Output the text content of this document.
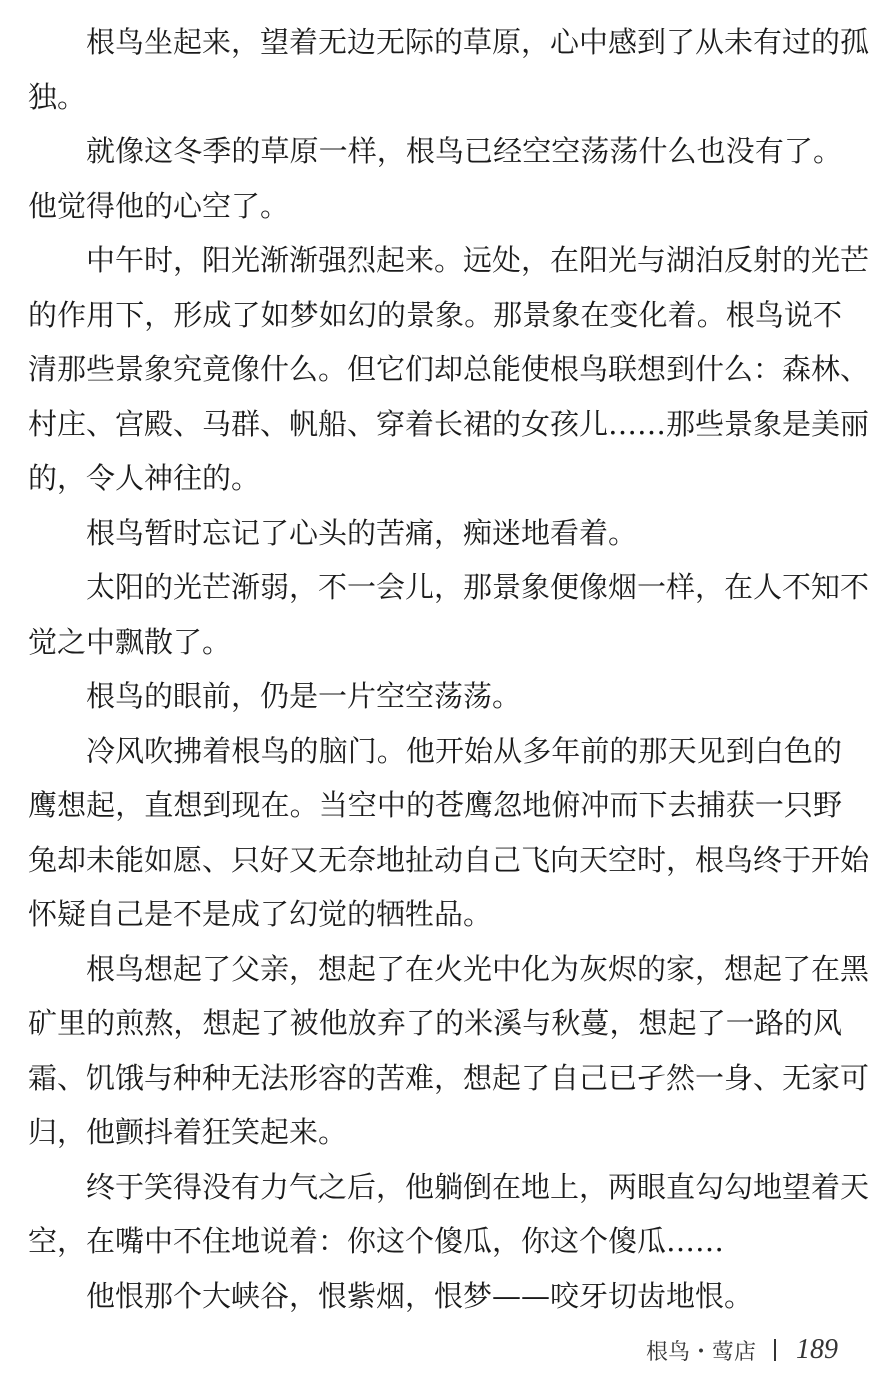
根鸟坐起来，望着无边无际的草原，心中感到了从未有过的孤
独。
就像这冬季的草原一样，根鸟已经空空荡荡什么也没有了。
他觉得他的心空了。
中午时，阳光渐渐强烈起来。远处，在阳光与湖泊反射的光芒
的作用下，形成了如梦如幻的景象。那景象在变化着。根鸟说不
清那些景象究竟像什么。但它们却总能使根鸟联想到什么：森林、
村庄、宫殿、马群、帆船、穿着长裙的女孩儿……那些景象是美丽
的，令人神往的。
根鸟暂时忘记了心头的苦痛，痴迷地看着。
太阳的光芒渐弱，不一会儿，那景象便像烟一样，在人不知不
觉之中飘散了。
根鸟的眼前，仍是一片空空荡荡。
冷风吹拂着根鸟的脑门。他开始从多年前的那天见到白色的
鹰想起，直想到现在。当空中的苍鹰忽地俯冲而下去捕获一只野
兔却未能如愿、只好又无奈地扯动自己飞向天空时，根鸟终于开始
怀疑自己是不是成了幻觉的牺牲品。
根鸟想起了父亲，想起了在火光中化为灰烬的家，想起了在黑
矿里的煎熬，想起了被他放弃了的米溪与秋蔓，想起了一路的风
霜、饥饿与种种无法形容的苦难，想起了自己已孑然一身、无家可
归，他颤抖着狂笑起来。
终于笑得没有力气之后，他躺倒在地上，两眼直勾勾地望着天
空，在嘴中不住地说着：你这个傻瓜，你这个傻瓜……
他恨那个大峡谷，恨紫烟，恨梦——咬牙切齿地恨。
根鸟・莺店 189
